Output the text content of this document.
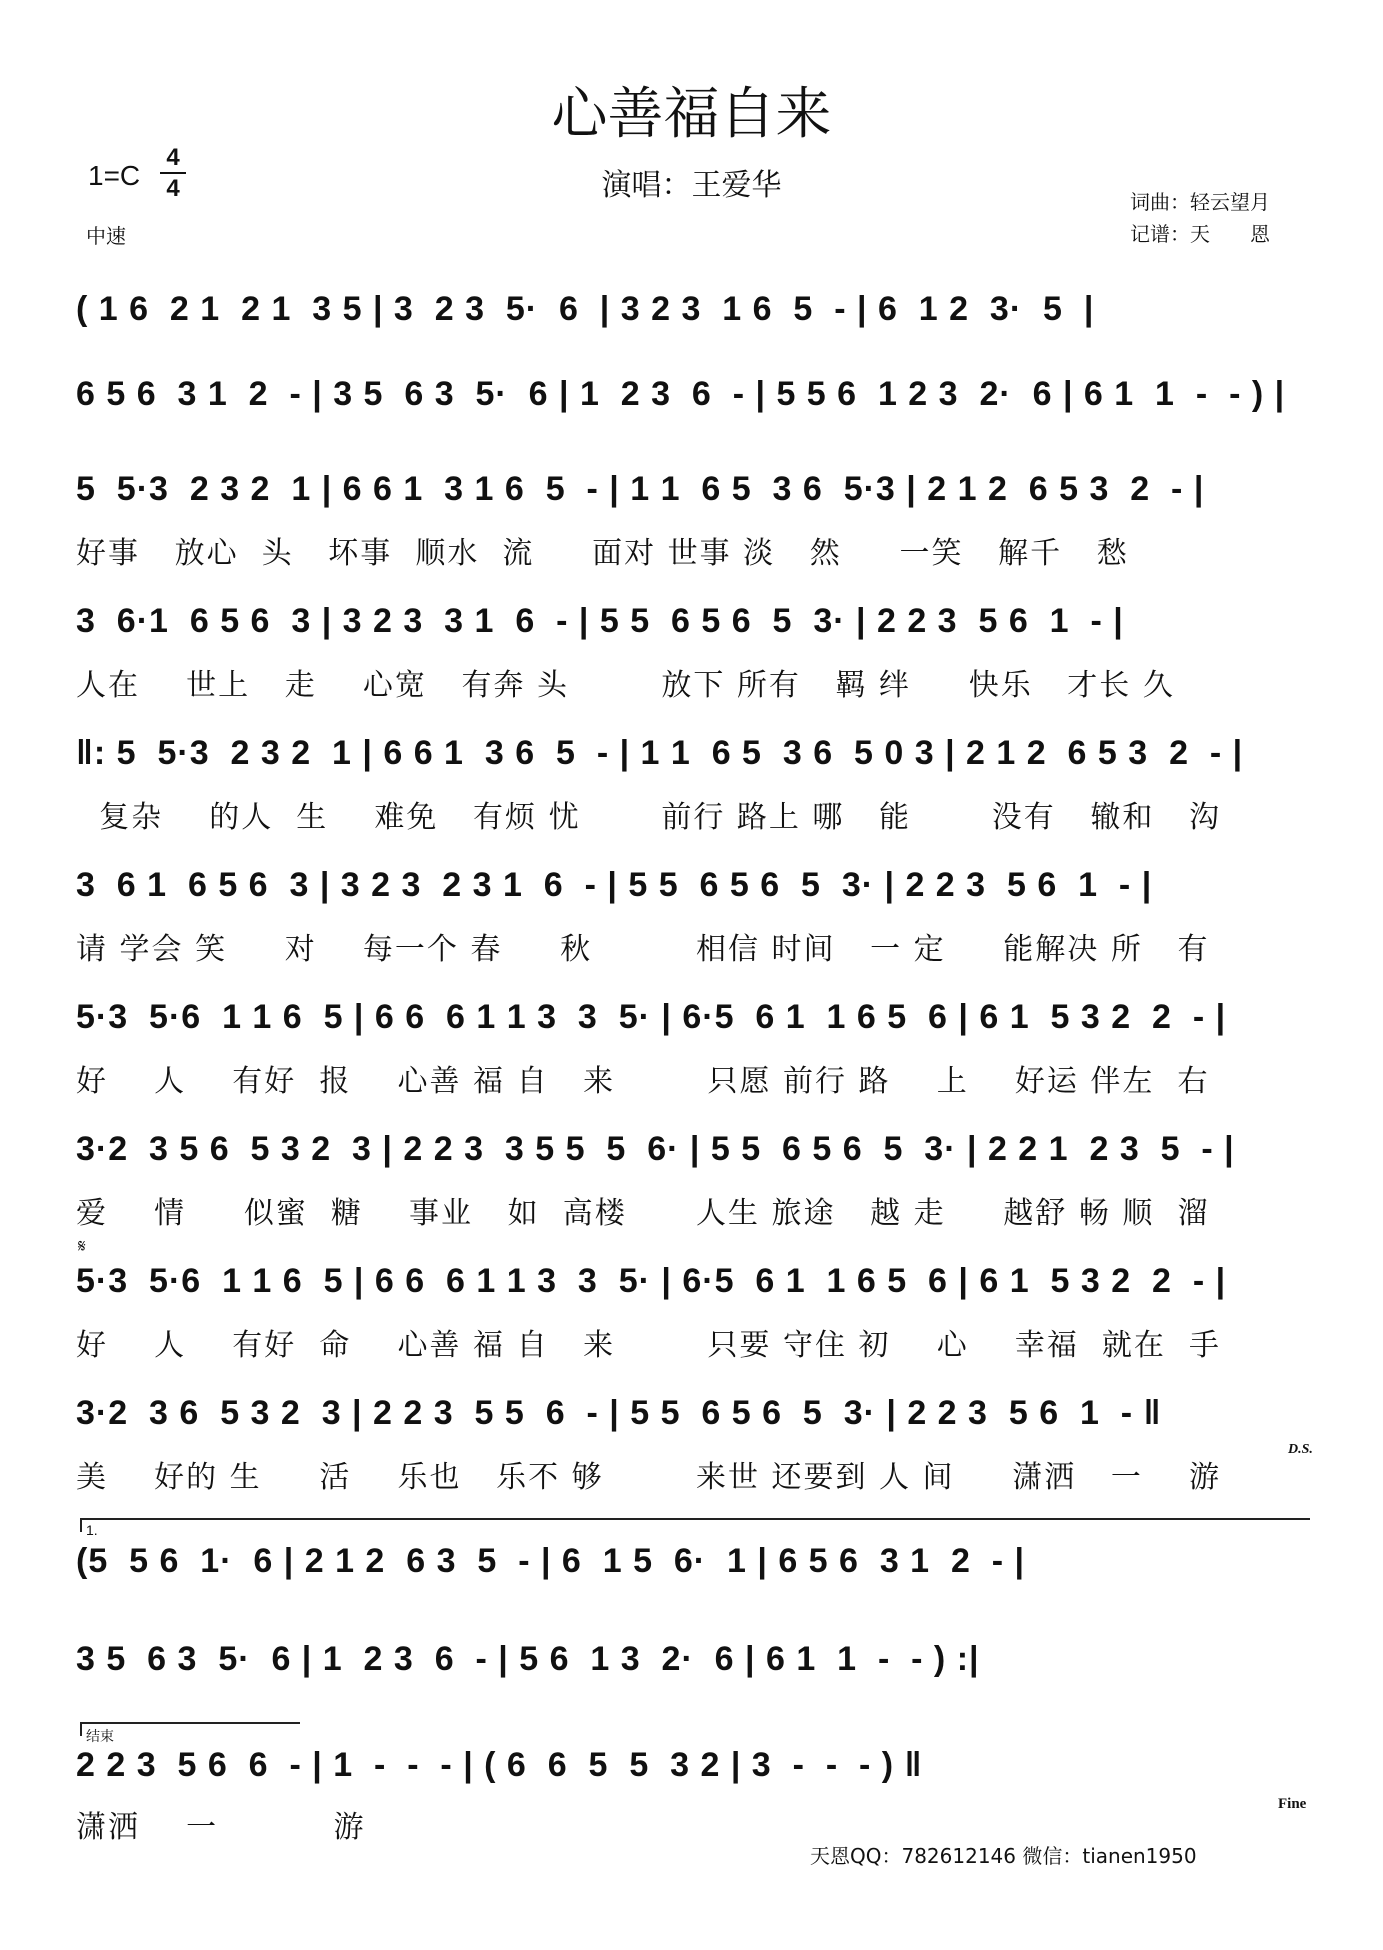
心善福自来
演唱：王爱华
1=C
4
4
中速
词曲：轻云望月
记谱：天　　恩
( 1 6  2 1  2 1  3 5 | 3  2 3  5·  6  | 3 2 3  1 6  5  - | 6  1 2  3·  5  |
6 5 6  3 1  2  - | 3 5  6 3  5·  6 | 1  2 3  6  - | 5 5 6  1 2 3  2·  6 | 6 1  1  -  - ) |
5  5·3  2 3 2  1 | 6 6 1  3 1 6  5  - | 1 1  6 5  3 6  5·3 | 2 1 2  6 5 3  2  - |
好事   放心  头   坏事  顺水  流     面对 世事 淡   然     一笑   解千   愁
3  6·1  6 5 6  3 | 3 2 3  3 1  6  - | 5 5  6 5 6  5  3· | 2 2 3  5 6  1  - |
人在    世上   走    心宽   有奔 头        放下 所有   羁 绊     快乐   才长 久
‖: 5  5·3  2 3 2  1 | 6 6 1  3 6  5  - | 1 1  6 5  3 6  5 0 3 | 2 1 2  6 5 3  2  - |
复杂    的人  生    难免   有烦 忧       前行 路上 哪   能       没有   辙和   沟
3  6 1  6 5 6  3 | 3 2 3  2 3 1  6  - | 5 5  6 5 6  5  3· | 2 2 3  5 6  1  - |
请 学会 笑     对    每一个 春     秋         相信 时间   一 定     能解决 所   有
5·3  5·6  1 1 6  5 | 6 6  6 1 1 3  3  5· | 6·5  6 1  1 6 5  6 | 6 1  5 3 2  2  - |
好    人    有好  报    心善 福 自   来        只愿 前行 路    上    好运 伴左  右
3·2  3 5 6  5 3 2  3 | 2 2 3  3 5 5  5  6· | 5 5  6 5 6  5  3· | 2 2 1  2 3  5  - |
爱    情     似蜜  糖    事业   如  高楼      人生 旅途   越 走     越舒 畅 顺  溜
𝄋
5·3  5·6  1 1 6  5 | 6 6  6 1 1 3  3  5· | 6·5  6 1  1 6 5  6 | 6 1  5 3 2  2  - |
好    人    有好  命    心善 福 自   来        只要 守住 初    心    幸福  就在  手
3·2  3 6  5 3 2  3 | 2 2 3  5 5  6  - | 5 5  6 5 6  5  3· | 2 2 3  5 6  1  - ‖
美    好的 生     活    乐也   乐不 够        来世 还要到 人 间     潇洒   一    游
D.S.
1.
(5  5 6  1·  6 | 2 1 2  6 3  5  - | 6  1 5  6·  1 | 6 5 6  3 1  2  - |
3 5  6 3  5·  6 | 1  2 3  6  - | 5 6  1 3  2·  6 | 6 1  1  -  - ) :|
结束
2 2 3  5 6  6  - | 1  -  -  - | ( 6  6  5  5  3 2 | 3  -  -  - ) ‖
潇洒    一          游
Fine
天恩QQ：782612146 微信：tianen1950
